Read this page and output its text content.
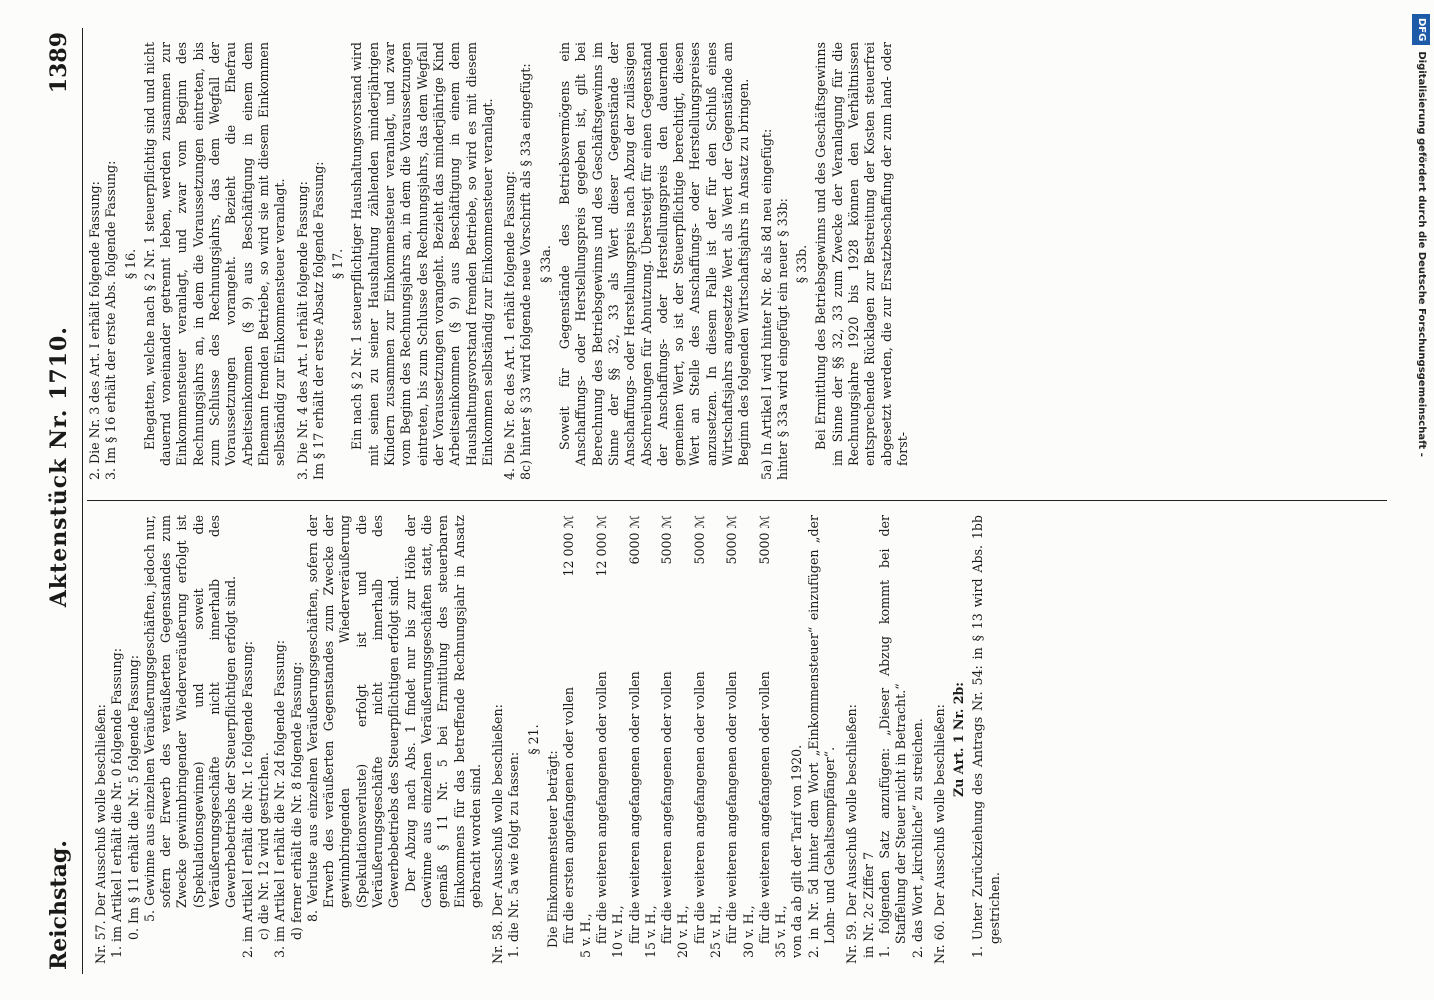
Reichstag.
Aktenstück Nr. 1710.
1389

Nr. 57. Der Ausschuß wolle beschließen: 1. im Artikel I erhält die Nr. 0 folgende Fassung: 0. Im § 11 erhält die Nr. 5 folgende Fassung: 5. Gewinne aus einzelnen Veräußerungsgeschäften, jedoch nur, sofern der Erwerb des veräußerten Gegenstandes zum Zwecke gewinnbringender Wiederveräußerung erfolgt ist (Spekulationsgewinne) und soweit die Veräußerungsgeschäfte nicht innerhalb des Gewerbebetriebs der Steuerpflichtigen erfolgt sind. 2. im Artikel I erhält die Nr. 1c folgende Fassung: c) die Nr. 12 wird gestrichen. 3. im Artikel I erhält die Nr. 2d folgende Fassung: d) ferner erhält die Nr. 8 folgende Fassung: 8. Verluste aus einzelnen Veräußerungsgeschäften, sofern der Erwerb des veräußerten Gegenstandes zum Zwecke der gewinnbringenden Wiederveräußerung (Spekulationsverluste) erfolgt ist und die Veräußerungsgeschäfte nicht innerhalb des Gewerbebetriebs des Steuerpflichtigen erfolgt sind. Der Abzug nach Abs. 1 findet nur bis zur Höhe der Gewinne aus einzelnen Veräußerungsgeschäften statt, die gemäß § 11 Nr. 5 bei Ermittlung des steuerbaren Einkommens für das betreffende Rechnungsjahr in Ansatz gebracht worden sind. Nr. 58. Der Ausschuß wolle beschließen: 1. die Nr. 5a wie folgt zu fassen:

§ 21.

Die Einkommensteuer beträgt: für die ersten angefangenen oder vollen
12 000 ℳ

5 v. H., für die weiteren angefangenen oder vollen
12 000 ℳ

10 v. H., für die weiteren angefangenen oder vollen
6000 ℳ

15 v. H., für die weiteren angefangenen oder vollen
5000 ℳ

20 v. H., für die weiteren angefangenen oder vollen
5000 ℳ

25 v. H., für die weiteren angefangenen oder vollen
5000 ℳ

30 v. H., für die weiteren angefangenen oder vollen
5000 ℳ

35 v. H., von da ab gilt der Tarif von 1920. 2. in Nr. 5d hinter dem Wort „Einkommensteuer“ einzufügen „der Lohn- und Gehaltsempfänger“. Nr. 59. Der Ausschuß wolle beschließen: in Nr. 2c Ziffer 7 1. folgenden Satz anzufügen: „Dieser Abzug kommt bei der Staffelung der Steuer nicht in Betracht.“ 2. das Wort „kirchliche“ zu streichen. Nr. 60. Der Ausschuß wolle beschließen: Zu Art. 1 Nr. 2b: 1. Unter Zurückziehung des Antrags Nr. 54: in § 13 wird Abs. 1bb gestrichen.

2. Die Nr. 3 des Art. I erhält folgende Fassung: 3. Im § 16 erhält der erste Abs. folgende Fassung: § 16. Ehegatten, welche nach § 2 Nr. 1 steuerpflichtig sind und nicht dauernd voneinander getrennt leben, werden zusammen zur Einkommensteuer veranlagt, und zwar vom Beginn des Rechnungsjahrs an, in dem die Voraussetzungen eintreten, bis zum Schlusse des Rechnungsjahrs, das dem Wegfall der Voraussetzungen vorangeht. Bezieht die Ehefrau Arbeitseinkommen (§ 9) aus Beschäftigung in einem dem Ehemann fremden Betriebe, so wird sie mit diesem Einkommen selbständig zur Einkommensteuer veranlagt. 3. Die Nr. 4 des Art. I erhält folgende Fassung: Im § 17 erhält der erste Absatz folgende Fassung: § 17. Ein nach § 2 Nr. 1 steuerpflichtiger Haushaltungsvorstand wird mit seinen zu seiner Haushaltung zählenden minderjährigen Kindern zusammen zur Einkommensteuer veranlagt, und zwar vom Beginn des Rechnungsjahrs an, in dem die Voraussetzungen eintreten, bis zum Schlusse des Rechnungsjahrs, das dem Wegfall der Voraussetzungen vorangeht. Bezieht das minderjährige Kind Arbeitseinkommen (§ 9) aus Beschäftigung in einem dem Haushaltungsvorstand fremden Betriebe, so wird es mit diesem Einkommen selbständig zur Einkommensteuer veranlagt. 4. Die Nr. 8c des Art. 1 erhält folgende Fassung: 8c) hinter § 33 wird folgende neue Vorschrift als § 33a eingefügt: § 33a. Soweit für Gegenstände des Betriebsvermögens ein Anschaffungs- oder Herstellungspreis gegeben ist, gilt bei Berechnung des Betriebsgewinns und des Geschäftsgewinns im Sinne der §§ 32, 33 als Wert dieser Gegenstände der Anschaffungs- oder Herstellungspreis nach Abzug der zulässigen Abschreibungen für Abnutzung. Übersteigt für einen Gegenstand der Anschaffungs- oder Herstellungspreis den dauernden gemeinen Wert, so ist der Steuerpflichtige berechtigt, diesen Wert an Stelle des Anschaffungs- oder Herstellungspreises anzusetzen. In diesem Falle ist der für den Schluß eines Wirtschaftsjahrs angesetzte Wert als Wert der Gegenstände am Beginn des folgenden Wirtschaftsjahrs in Ansatz zu bringen. 5a) In Artikel I wird hinter Nr. 8c als 8d neu eingefügt: hinter § 33a wird eingefügt ein neuer § 33b: § 33b. Bei Ermittlung des Betriebsgewinns und des Geschäftsgewinns im Sinne der §§ 32, 33 zum Zwecke der Veranlagung für die Rechnungsjahre 1920 bis 1928 können den Verhältnissen entsprechende Rücklagen zur Bestreitung der Kosten steuerfrei abgesetzt werden, die zur Ersatzbeschaffung der zum land- oder forst-

DFGDigitalisierung gefördert durch die Deutsche Forschungsgemeinschaft -
